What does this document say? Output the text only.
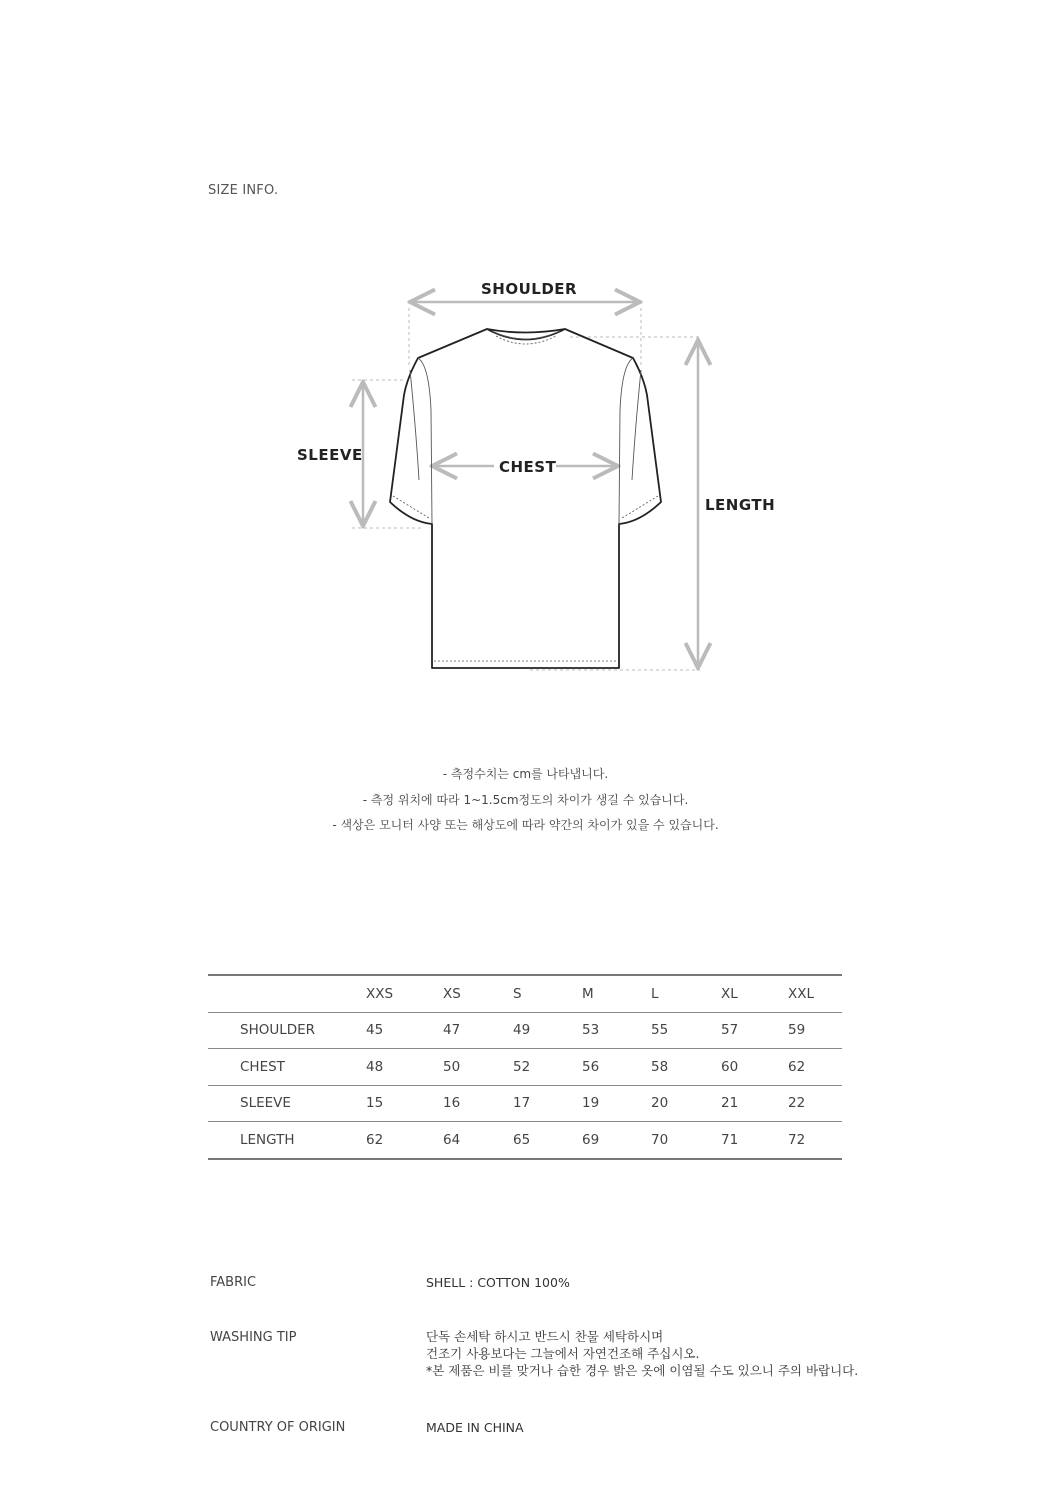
SIZE INFO.
SHOULDER
SLEEVE
CHEST
LENGTH
- 측정수치는 cm를 나타냅니다.
- 측정 위치에 따라 1~1.5cm정도의 차이가 생길 수 있습니다.
- 색상은 모니터 사양 또는 해상도에 따라 약간의 차이가 있을 수 있습니다.
	XXS	XS	S	M	L	XL	XXL
SHOULDER	45	47	49	53	55	57	59
CHEST	48	50	52	56	58	60	62
SLEEVE	15	16	17	19	20	21	22
LENGTH	62	64	65	69	70	71	72
FABRIC	SHELL : COTTON 100%
WASHING TIP	단독 손세탁 하시고 반드시 찬물 세탁하시며
건조기 사용보다는 그늘에서 자연건조해 주십시오.
*본 제품은 비를 맞거나 습한 경우 밝은 옷에 이염될 수도 있으니 주의 바랍니다.
COUNTRY OF ORIGIN	MADE IN CHINA
